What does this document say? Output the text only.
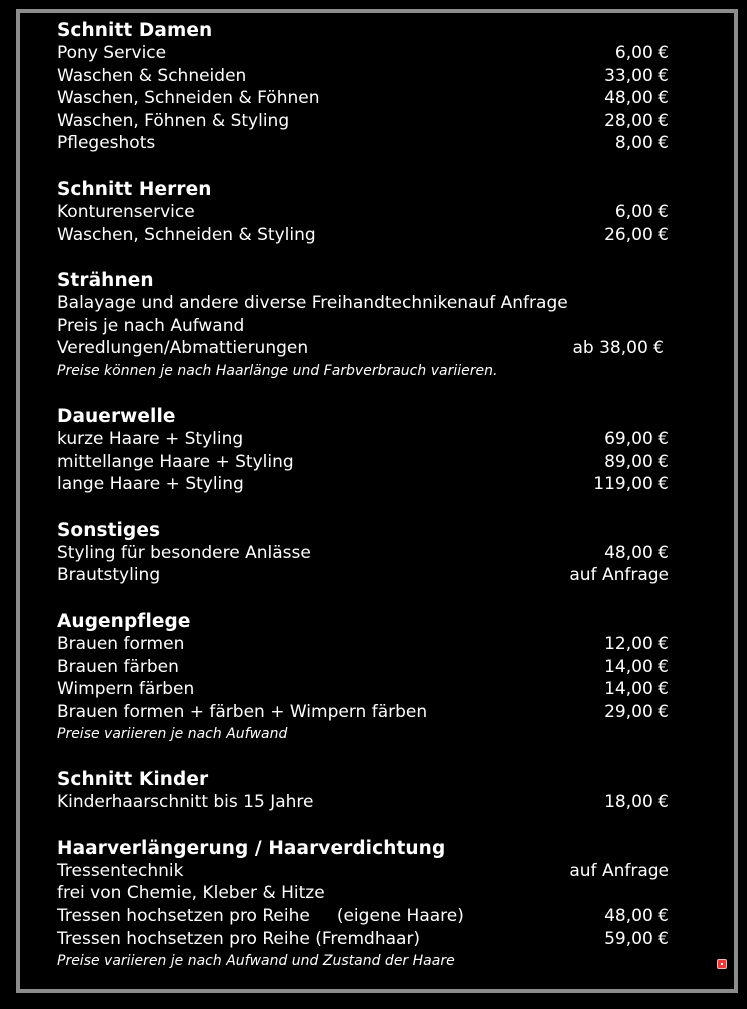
Schnitt Damen
Pony Service	6,00 €
Waschen & Schneiden	33,00 €
Waschen, Schneiden & Föhnen	48,00 €
Waschen, Föhnen & Styling	28,00 €
Pflegeshots	8,00 €
Schnitt Herren
Konturenservice	6,00 €
Waschen, Schneiden & Styling	26,00 €
Strähnen
Balayage und andere diverse Freihandtechnikenauf Anfrage
Preis je nach Aufwand
Veredlungen/Abmattierungen	ab 38,00 €
Preise können je nach Haarlänge und Farbverbrauch variieren.
Dauerwelle
kurze Haare + Styling	69,00 €
mittellange Haare + Styling	89,00 €
lange Haare + Styling	119,00 €
Sonstiges
Styling für besondere Anlässe	48,00 €
Brautstyling	auf Anfrage
Augenpflege
Brauen formen	12,00 €
Brauen färben	14,00 €
Wimpern färben	14,00 €
Brauen formen + färben + Wimpern färben	29,00 €
Preise variieren je nach Aufwand
Schnitt Kinder
Kinderhaarschnitt bis 15 Jahre	18,00 €
Haarverlängerung / Haarverdichtung
Tressentechnik	auf Anfrage
frei von Chemie, Kleber & Hitze
Tressen hochsetzen pro Reihe     (eigene Haare)	48,00 €
Tressen hochsetzen pro Reihe (Fremdhaar)	59,00 €
Preise variieren je nach Aufwand und Zustand der Haare
